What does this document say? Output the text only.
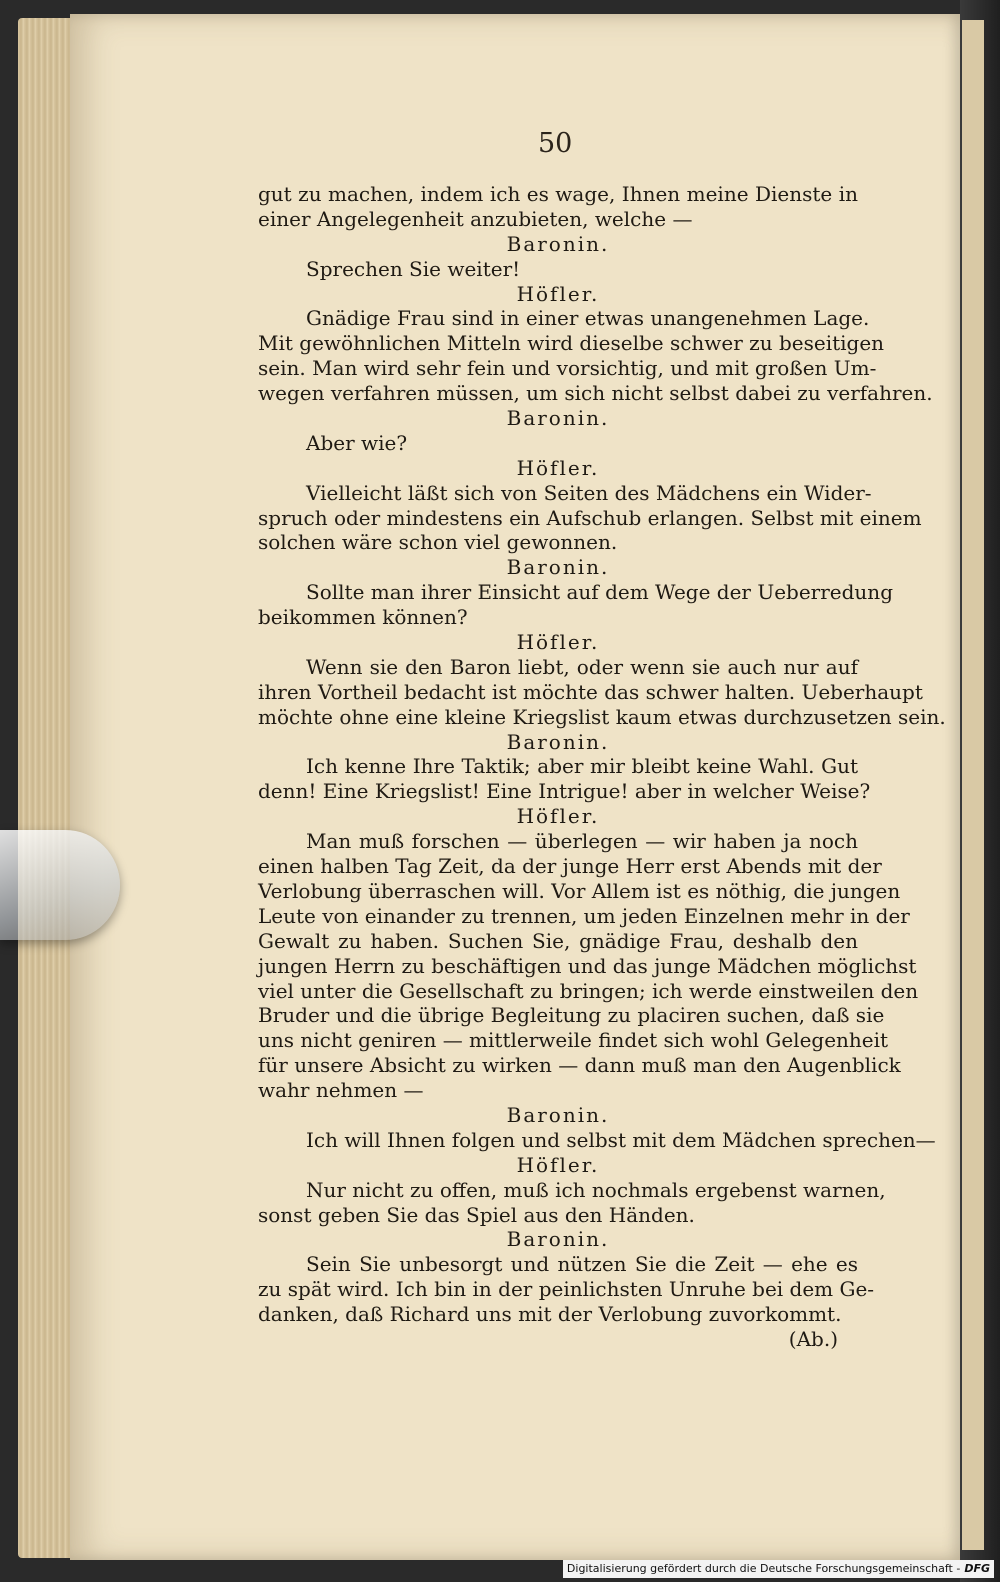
50
gut zu machen, indem ich es wage, Ihnen meine Dienste in
einer Angelegenheit anzubieten, welche —
Baronin.
Sprechen Sie weiter!
Höfler.
Gnädige Frau sind in einer etwas unangenehmen Lage.
Mit gewöhnlichen Mitteln wird dieselbe schwer zu beseitigen
sein. Man wird sehr fein und vorsichtig, und mit großen Um-
wegen verfahren müssen, um sich nicht selbst dabei zu verfahren.
Baronin.
Aber wie?
Höfler.
Vielleicht läßt sich von Seiten des Mädchens ein Wider-
spruch oder mindestens ein Aufschub erlangen. Selbst mit einem
solchen wäre schon viel gewonnen.
Baronin.
Sollte man ihrer Einsicht auf dem Wege der Ueberredung
beikommen können?
Höfler.
Wenn sie den Baron liebt, oder wenn sie auch nur auf
ihren Vortheil bedacht ist möchte das schwer halten. Ueberhaupt
möchte ohne eine kleine Kriegslist kaum etwas durchzusetzen sein.
Baronin.
Ich kenne Ihre Taktik; aber mir bleibt keine Wahl. Gut
denn! Eine Kriegslist! Eine Intrigue! aber in welcher Weise?
Höfler.
Man muß forschen — überlegen — wir haben ja noch
einen halben Tag Zeit, da der junge Herr erst Abends mit der
Verlobung überraschen will. Vor Allem ist es nöthig, die jungen
Leute von einander zu trennen, um jeden Einzelnen mehr in der
Gewalt zu haben. Suchen Sie, gnädige Frau, deshalb den
jungen Herrn zu beschäftigen und das junge Mädchen möglichst
viel unter die Gesellschaft zu bringen; ich werde einstweilen den
Bruder und die übrige Begleitung zu placiren suchen, daß sie
uns nicht geniren — mittlerweile findet sich wohl Gelegenheit
für unsere Absicht zu wirken — dann muß man den Augenblick
wahr nehmen —
Baronin.
Ich will Ihnen folgen und selbst mit dem Mädchen sprechen—
Höfler.
Nur nicht zu offen, muß ich nochmals ergebenst warnen,
sonst geben Sie das Spiel aus den Händen.
Baronin.
Sein Sie unbesorgt und nützen Sie die Zeit — ehe es
zu spät wird. Ich bin in der peinlichsten Unruhe bei dem Ge-
danken, daß Richard uns mit der Verlobung zuvorkommt.
(Ab.)
Digitalisierung gefördert durch die Deutsche Forschungsgemeinschaft - DFG
